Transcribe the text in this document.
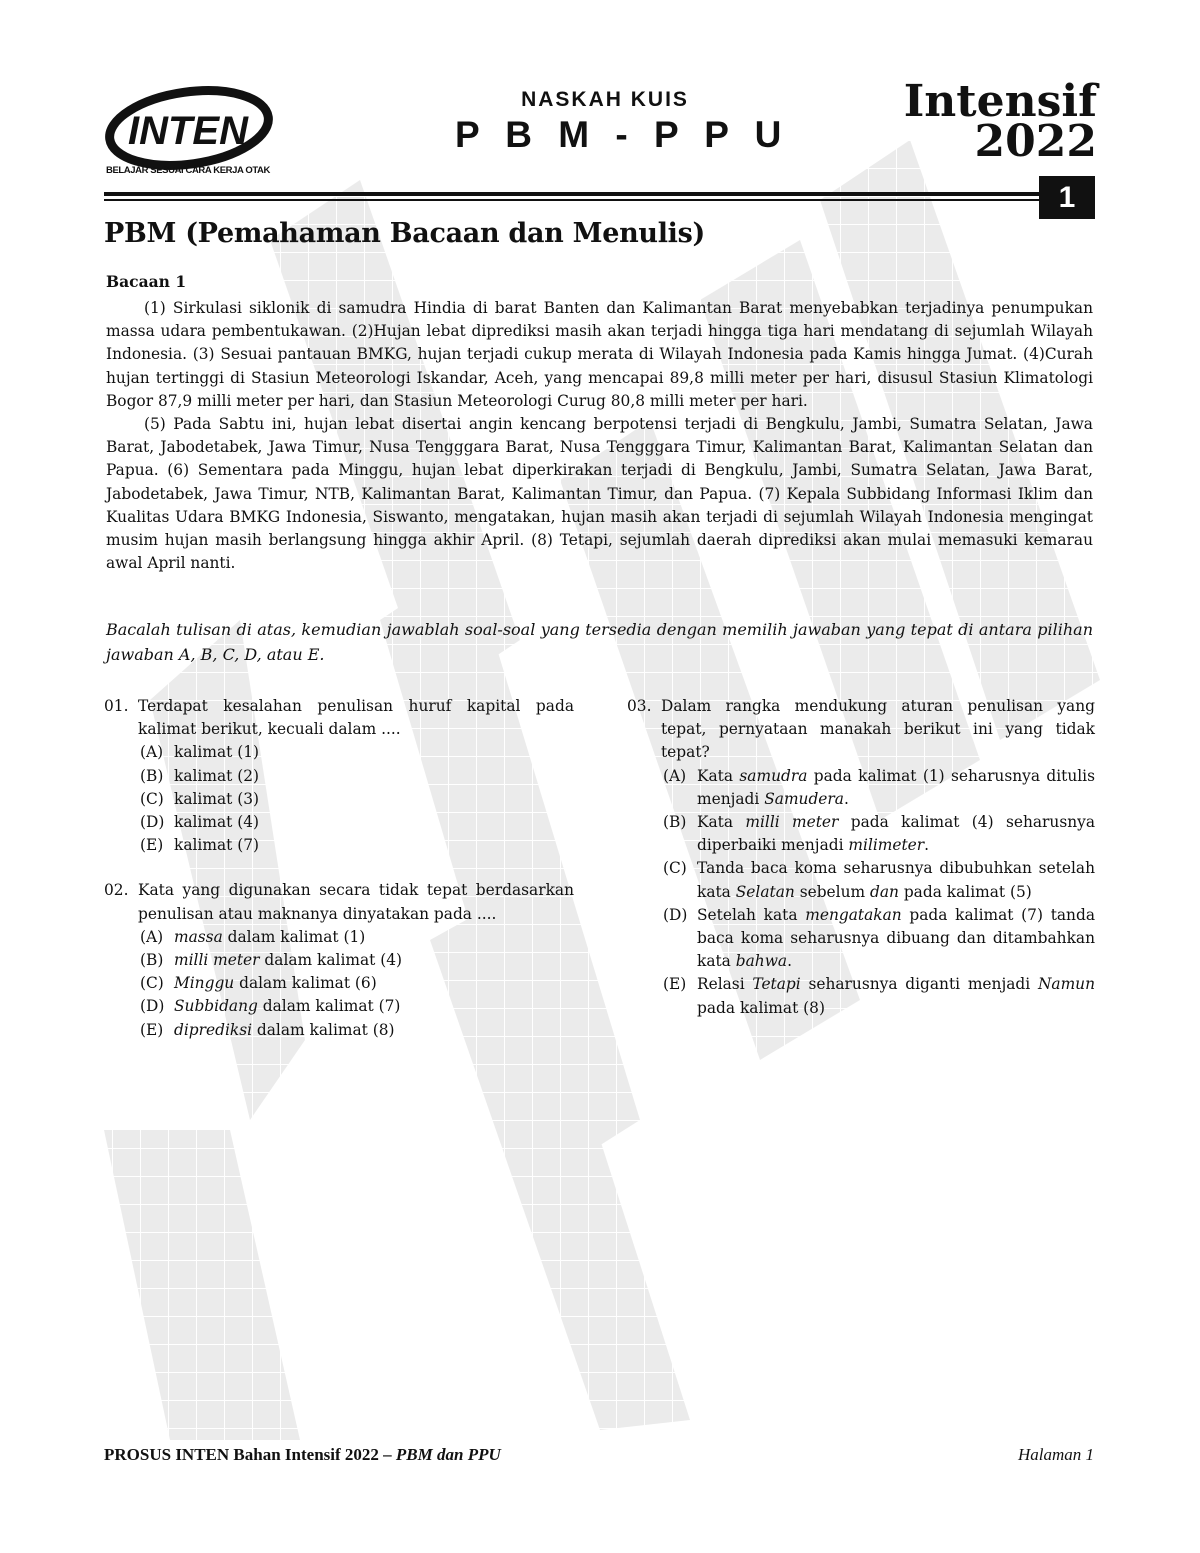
INTEN
BELAJAR SESUAI CARA KERJA OTAK
NASKAH KUIS
P B M - P P U
Intensif
2022
1
PBM (Pemahaman Bacaan dan Menulis)
Bacaan 1

(1) Sirkulasi siklonik di samudra Hindia di barat Banten dan Kalimantan Barat menyebabkan terjadinya penumpukan massa udara pembentukawan. (2)Hujan lebat diprediksi masih akan terjadi hingga tiga hari mendatang di sejumlah Wilayah Indonesia. (3) Sesuai pantauan BMKG, hujan terjadi cukup merata di Wilayah Indonesia pada Kamis hingga Jumat. (4)Curah hujan tertinggi di Stasiun Meteorologi Iskandar, Aceh, yang mencapai 89,8 milli meter per hari, disusul Stasiun Klimatologi Bogor 87,9 milli meter per hari, dan Stasiun Meteorologi Curug 80,8 milli meter per hari.

(5) Pada Sabtu ini, hujan lebat disertai angin kencang berpotensi terjadi di Bengkulu, Jambi, Sumatra Selatan, Jawa Barat, Jabodetabek, Jawa Timur, Nusa Tengggara Barat, Nusa Tengggara Timur, Kalimantan Barat, Kalimantan Selatan dan Papua. (6) Sementara pada Minggu, hujan lebat diperkirakan terjadi di Bengkulu, Jambi, Sumatra Selatan, Jawa Barat, Jabodetabek, Jawa Timur, NTB, Kalimantan Barat, Kalimantan Timur, dan Papua. (7) Kepala Subbidang Informasi Iklim dan Kualitas Udara BMKG Indonesia, Siswanto, mengatakan, hujan masih akan terjadi di sejumlah Wilayah Indonesia mengingat musim hujan masih berlangsung hingga akhir April. (8) Tetapi, sejumlah daerah diprediksi akan mulai memasuki kemarau awal April nanti.

Bacalah tulisan di atas, kemudian jawablah soal-soal yang tersedia dengan memilih jawaban yang tepat di antara pilihan jawaban A, B, C, D, atau E.
01. Terdapat kesalahan penulisan huruf kapital pada kalimat berikut, kecuali dalam ....
(A) kalimat (1)
(B) kalimat (2)
(C) kalimat (3)
(D) kalimat (4)
(E) kalimat (7)
02. Kata yang digunakan secara tidak tepat berdasarkan penulisan atau maknanya dinyatakan pada ....
(A) massa dalam kalimat (1)
(B) milli meter dalam kalimat (4)
(C) Minggu dalam kalimat (6)
(D) Subbidang dalam kalimat (7)
(E) diprediksi dalam kalimat (8)
03. Dalam rangka mendukung aturan penulisan yang tepat, pernyataan manakah berikut ini yang tidak tepat?
(A) Kata samudra pada kalimat (1) seharusnya ditulis menjadi Samudera.
(B) Kata milli meter pada kalimat (4) seharusnya diperbaiki menjadi milimeter.
(C) Tanda baca koma seharusnya dibubuhkan setelah kata Selatan sebelum dan pada kalimat (5)
(D) Setelah kata mengatakan pada kalimat (7) tanda baca koma seharusnya dibuang dan ditambahkan kata bahwa.
(E) Relasi Tetapi seharusnya diganti menjadi Namun pada kalimat (8)
PROSUS INTEN Bahan Intensif 2022 – PBM dan PPU	Halaman 1
